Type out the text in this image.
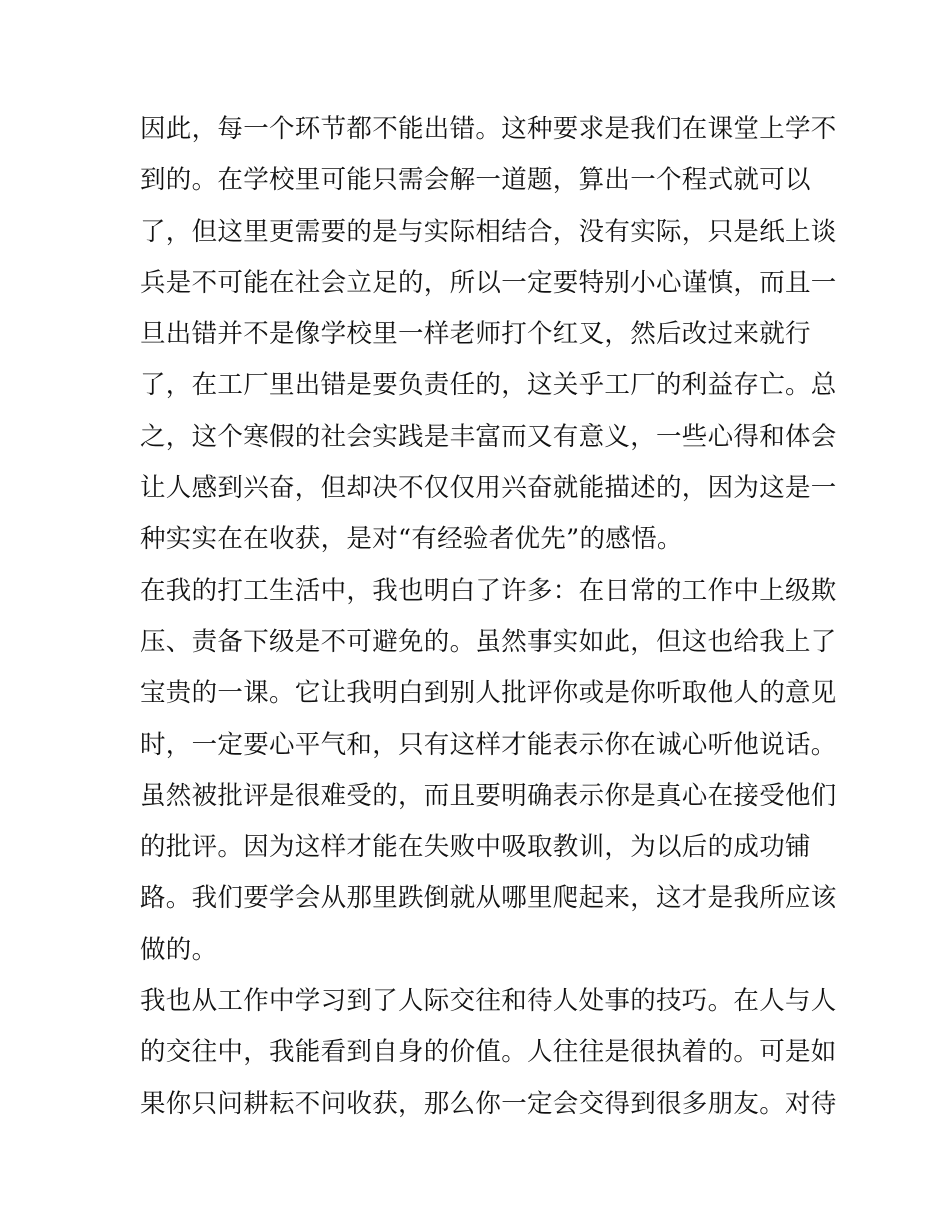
因此，每一个环节都不能出错。这种要求是我们在课堂上学不
到的。在学校里可能只需会解一道题，算出一个程式就可以
了，但这里更需要的是与实际相结合，没有实际，只是纸上谈
兵是不可能在社会立足的，所以一定要特别小心谨慎，而且一
旦出错并不是像学校里一样老师打个红叉，然后改过来就行
了，在工厂里出错是要负责任的，这关乎工厂的利益存亡。总
之，这个寒假的社会实践是丰富而又有意义，一些心得和体会
让人感到兴奋，但却决不仅仅用兴奋就能描述的，因为这是一
种实实在在收获，是对“有经验者优先”的感悟。
在我的打工生活中，我也明白了许多：在日常的工作中上级欺
压、责备下级是不可避免的。虽然事实如此，但这也给我上了
宝贵的一课。它让我明白到别人批评你或是你听取他人的意见
时，一定要心平气和，只有这样才能表示你在诚心听他说话。
虽然被批评是很难受的，而且要明确表示你是真心在接受他们
的批评。因为这样才能在失败中吸取教训，为以后的成功铺
路。我们要学会从那里跌倒就从哪里爬起来，这才是我所应该
做的。
我也从工作中学习到了人际交往和待人处事的技巧。在人与人
的交往中，我能看到自身的价值。人往往是很执着的。可是如
果你只问耕耘不问收获，那么你一定会交得到很多朋友。对待
